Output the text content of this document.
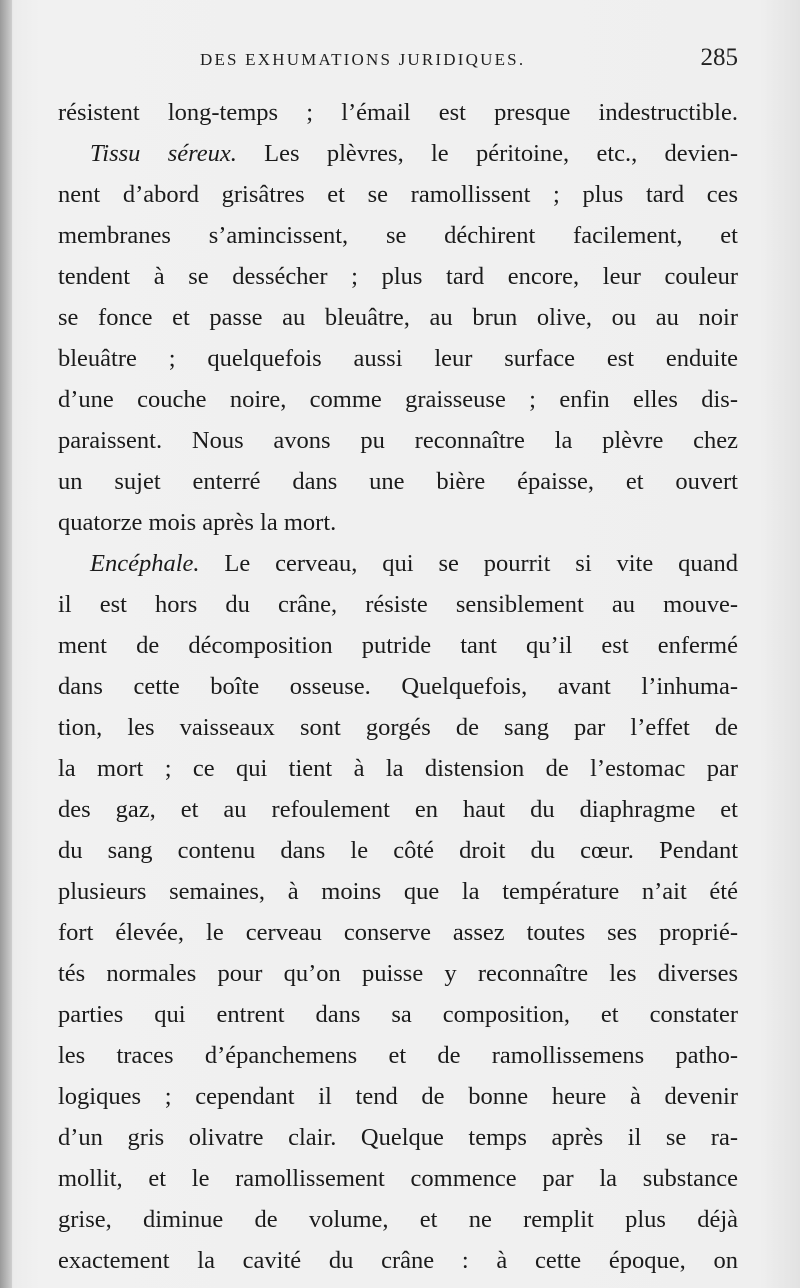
DES EXHUMATIONS JURIDIQUES.	285
résistent long-temps ; l’émail est presque indestructible.
Tissu séreux. Les plèvres, le péritoine, etc., devien-
nent d’abord grisâtres et se ramollissent ; plus tard ces
membranes s’amincissent, se déchirent facilement, et
tendent à se dessécher ; plus tard encore, leur couleur
se fonce et passe au bleuâtre, au brun olive, ou au noir
bleuâtre ; quelquefois aussi leur surface est enduite
d’une couche noire, comme graisseuse ; enfin elles dis-
paraissent. Nous avons pu reconnaître la plèvre chez
un sujet enterré dans une bière épaisse, et ouvert
quatorze mois après la mort.
Encéphale. Le cerveau, qui se pourrit si vite quand
il est hors du crâne, résiste sensiblement au mouve-
ment de décomposition putride tant qu’il est enfermé
dans cette boîte osseuse. Quelquefois, avant l’inhuma-
tion, les vaisseaux sont gorgés de sang par l’effet de
la mort ; ce qui tient à la distension de l’estomac par
des gaz, et au refoulement en haut du diaphragme et
du sang contenu dans le côté droit du cœur. Pendant
plusieurs semaines, à moins que la température n’ait été
fort élevée, le cerveau conserve assez toutes ses proprié-
tés normales pour qu’on puisse y reconnaître les diverses
parties qui entrent dans sa composition, et constater
les traces d’épanchemens et de ramollissemens patho-
logiques ; cependant il tend de bonne heure à devenir
d’un gris olivatre clair. Quelque temps après il se ra-
mollit, et le ramollissement commence par la substance
grise, diminue de volume, et ne remplit plus déjà
exactement la cavité du crâne : à cette époque, on
